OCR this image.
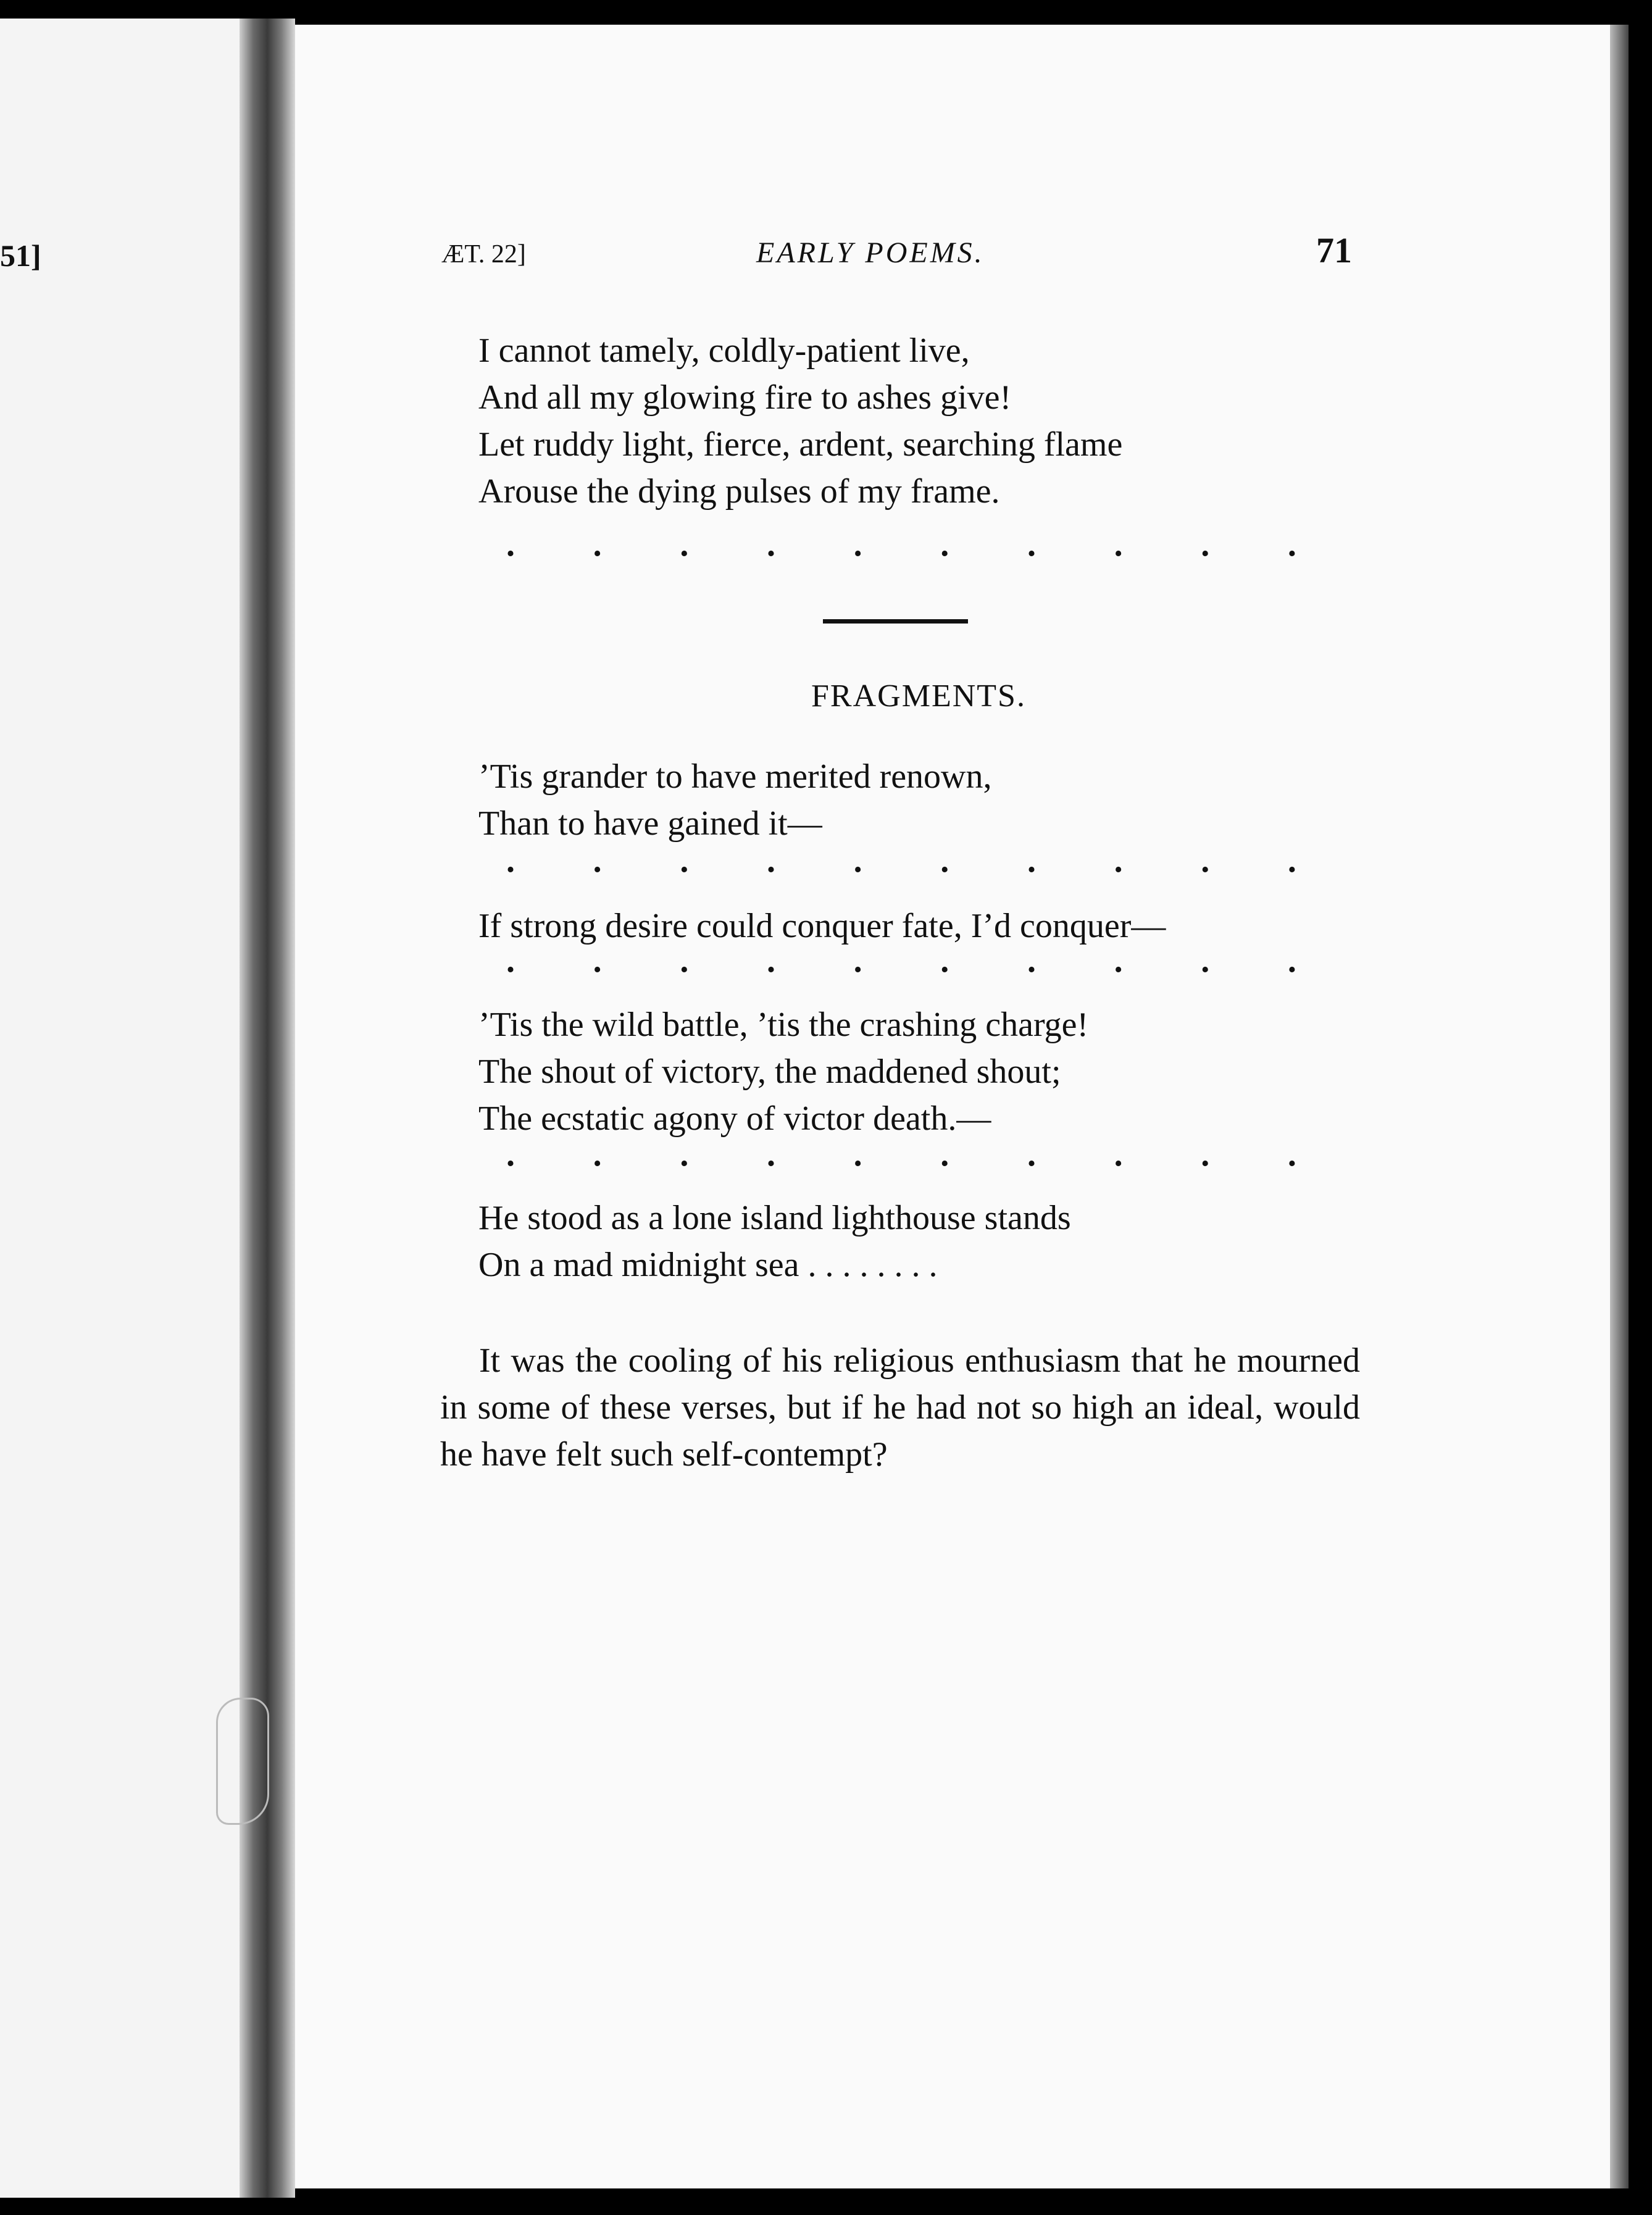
51]	ÆT. 22]	EARLY POEMS.	71
I cannot tamely, coldly-patient live,
And all my glowing fire to ashes give!
Let ruddy light, fierce, ardent, searching flame
Arouse the dying pulses of my frame.
. . . . . . . . . .
FRAGMENTS.
’Tis grander to have merited renown,
Than to have gained it—
. . . . . . . . . .
If strong desire could conquer fate, I’d conquer—
. . . . . . . . . .
’Tis the wild battle, ’tis the crashing charge!
The shout of victory, the maddened shout;
The ecstatic agony of victor death.—
. . . . . . . . . .
He stood as a lone island lighthouse stands
On a mad midnight sea . . . . . . . .

It was the cooling of his religious enthusiasm that he mourned in some of these verses, but if he had not so high an ideal, would he have felt such self-contempt?
